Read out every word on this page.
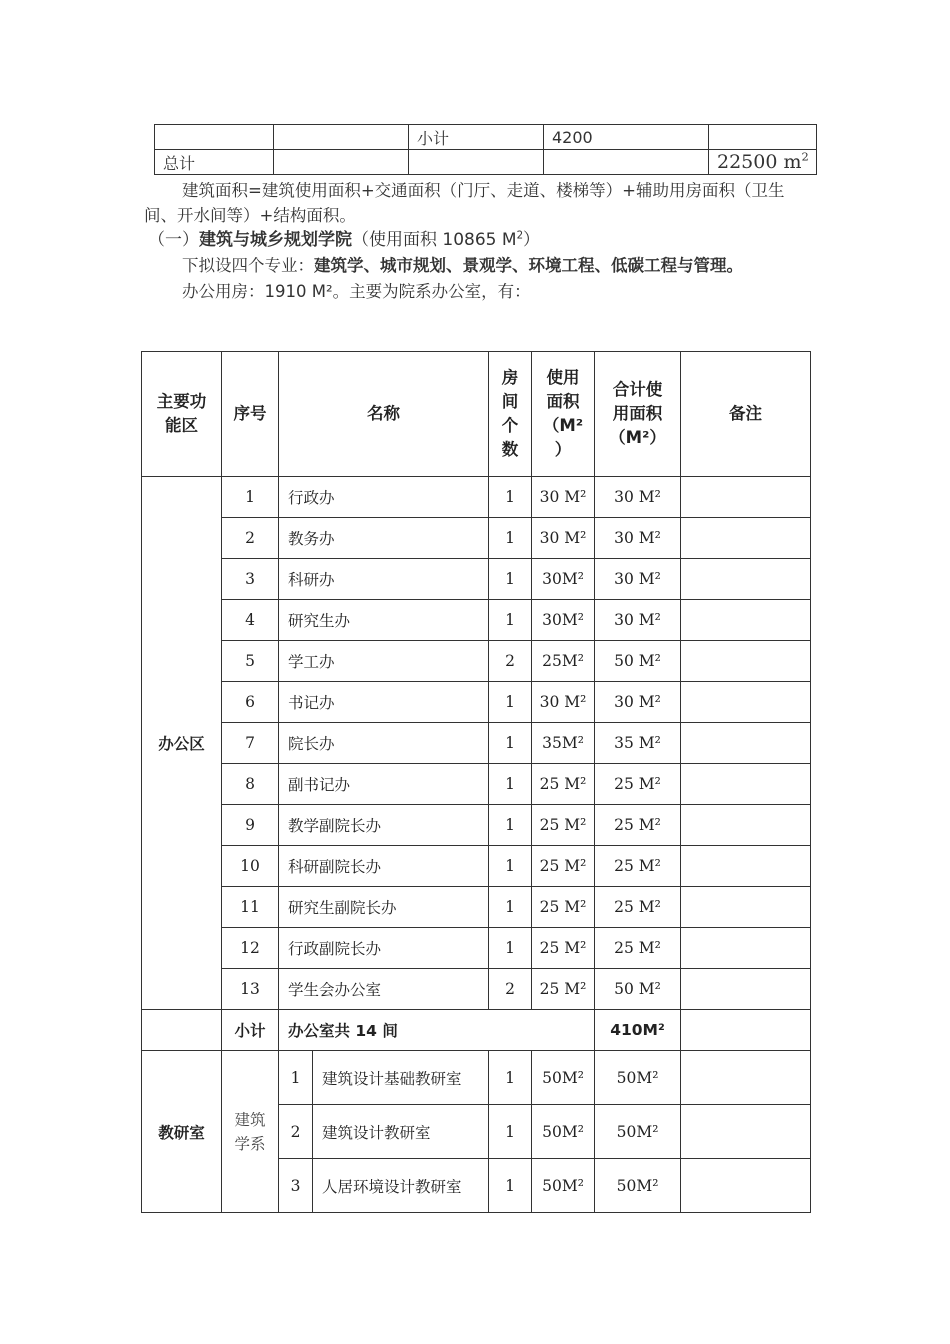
		小计	4200	
总计				22500 $m^2$
建筑面积=建筑使用面积+交通面积（门厅、走道、楼梯等）+辅助用房面积（卫生间、开水间等）+结构面积。
（一）建筑与城乡规划学院（使用面积 10865 $M^2$）
下拟设四个专业：建筑学、城市规划、景观学、环境工程、低碳工程与管理。
办公用房：1910 M²。主要为院系办公室，有：
主要功
能区	序号	名称		房
间
个
数	使用
面积
（M²
）	合计使
用面积
（M²）	备注
办公区	1	行政办		1	30 M²	30 M²	
	2	教务办		1	30 M²	30 M²	
	3	科研办		1	30M²	30 M²	
	4	研究生办		1	30M²	30 M²	
	5	学工办		2	25M²	50 M²	
	6	书记办		1	30 M²	30 M²	
	7	院长办		1	35M²	35 M²	
	8	副书记办		1	25 M²	25 M²	
	9	教学副院长办		1	25 M²	25 M²	
	10	科研副院长办		1	25 M²	25 M²	
	11	研究生副院长办		1	25 M²	25 M²	
	12	行政副院长办		1	25 M²	25 M²	
	13	学生会办公室		2	25 M²	50 M²	
	小计	办公室共 14 间				410M²	
教研室	建筑
学系	1	建筑设计基础教研室	1	50M²	50M²	
		2	建筑设计教研室	1	50M²	50M²	
		3	人居环境设计教研室	1	50M²	50M²	
